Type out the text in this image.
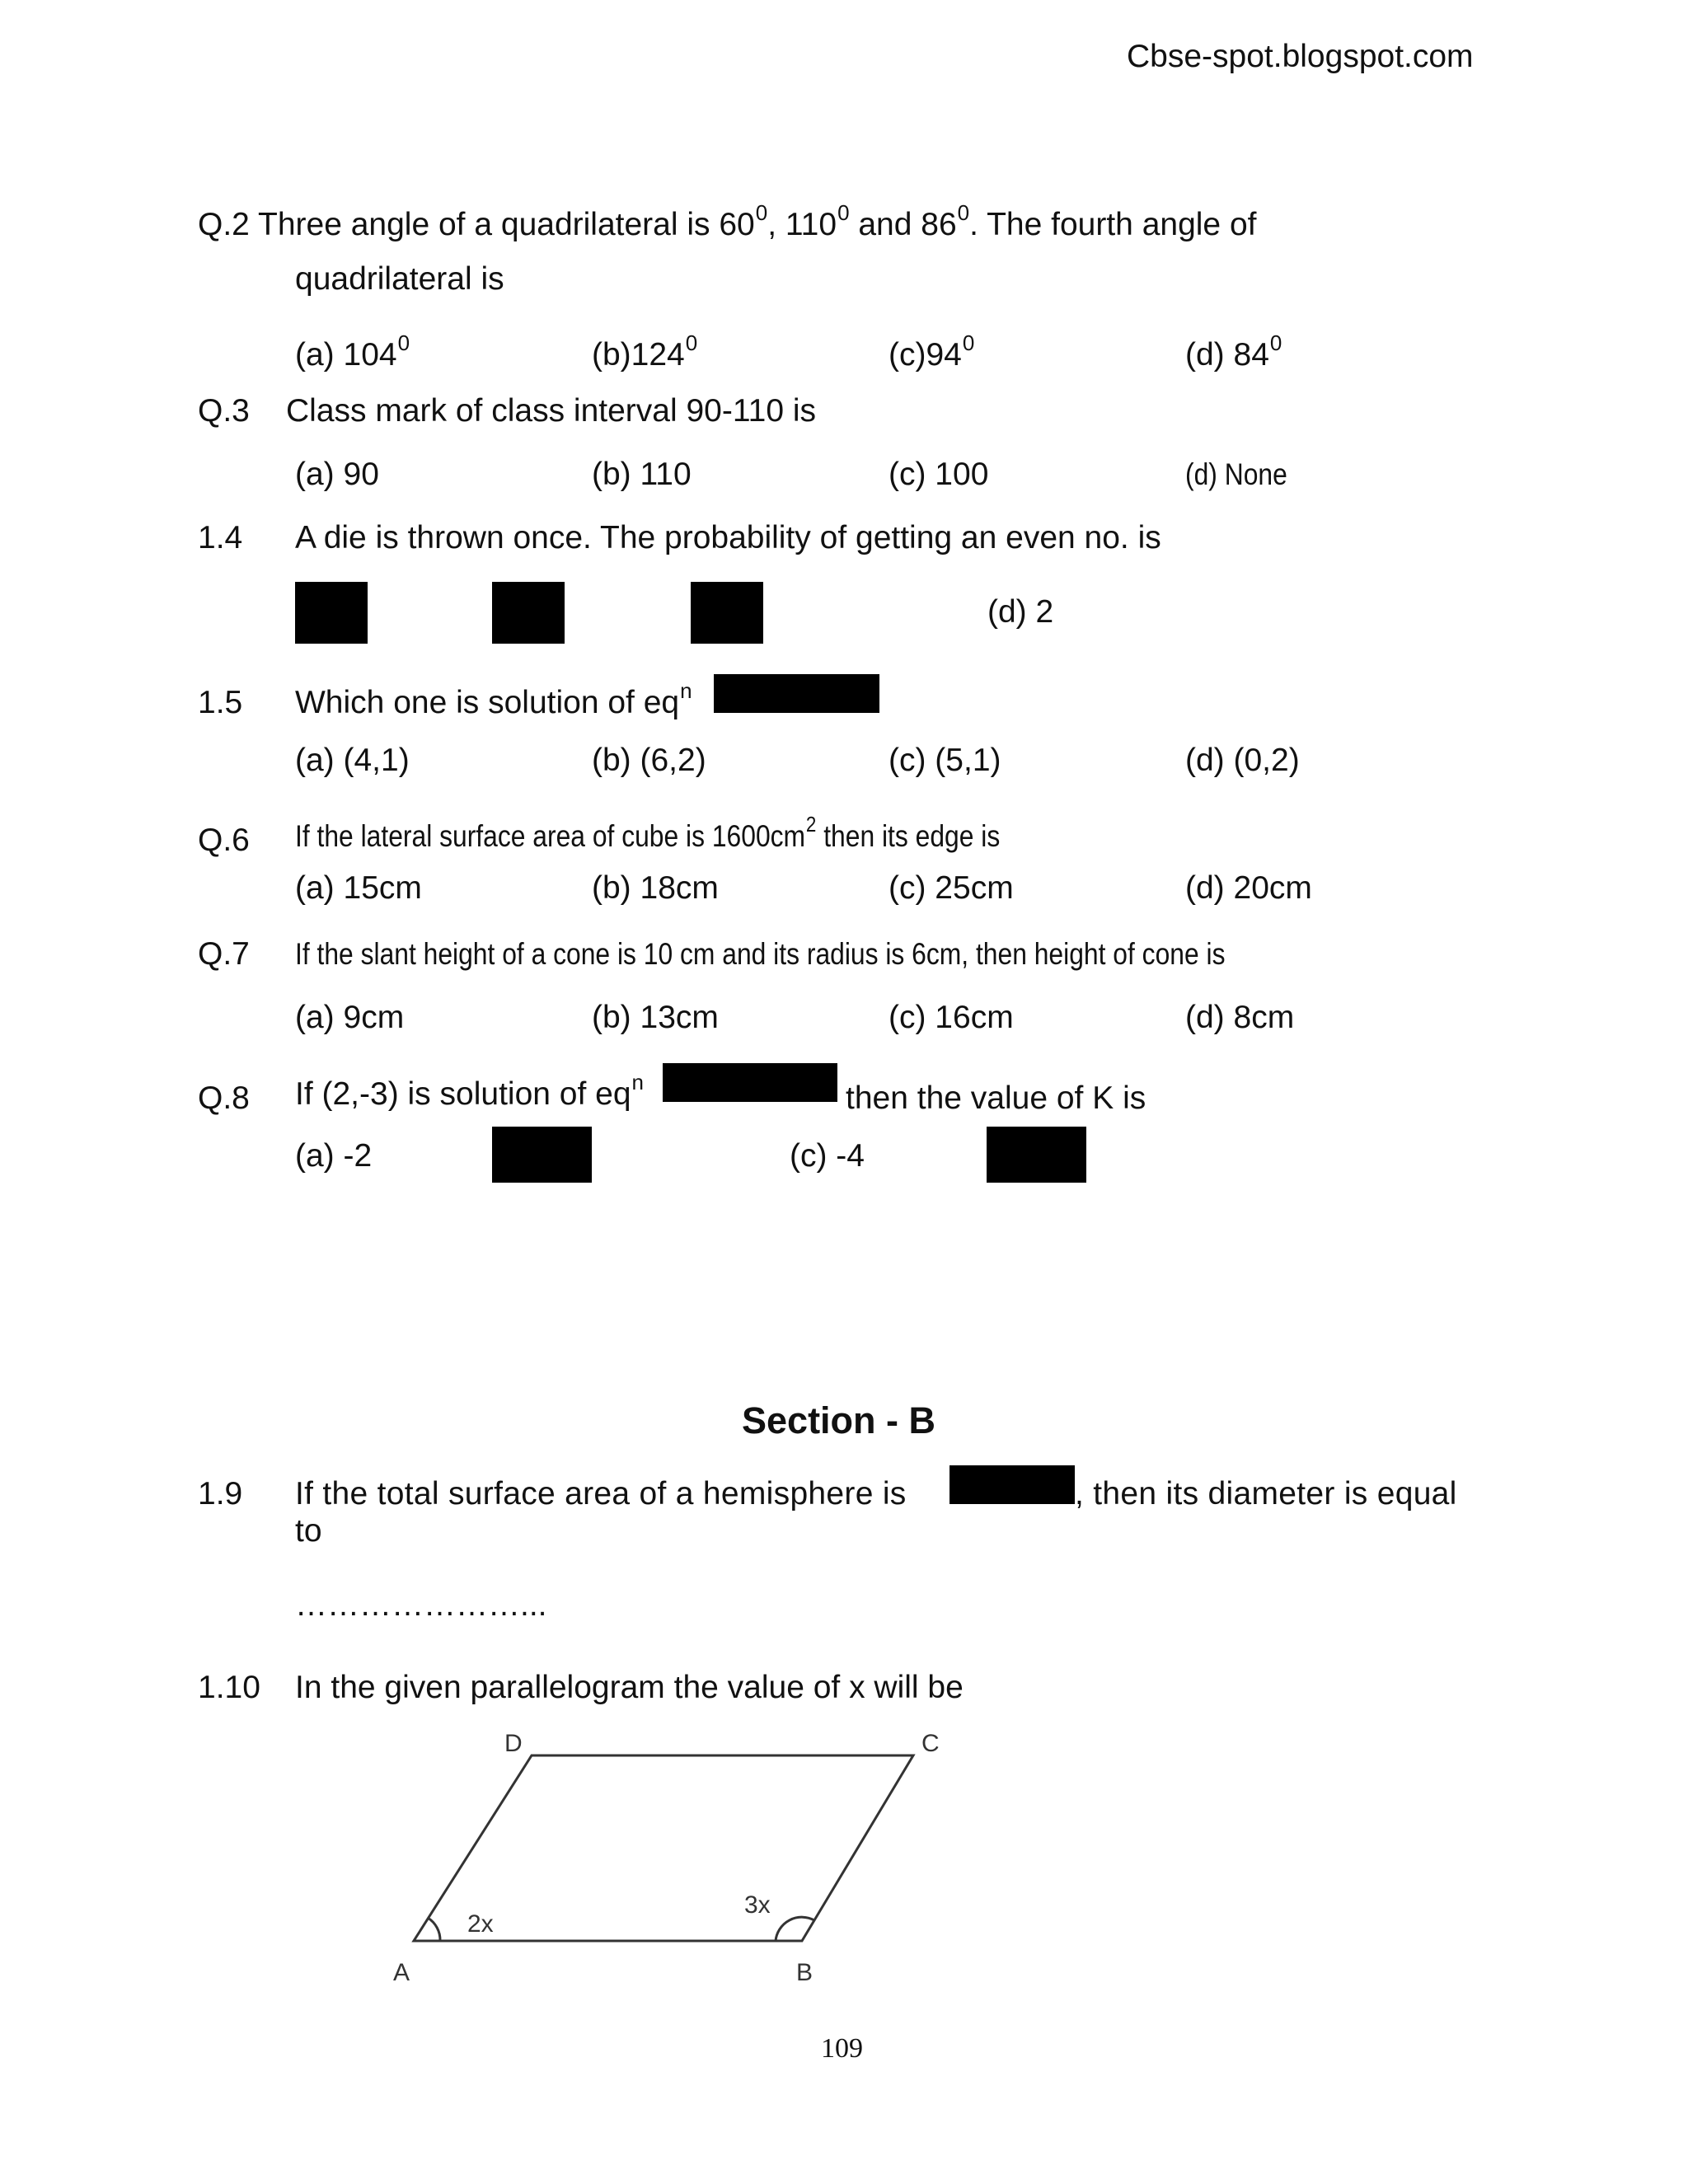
Cbse-spot.blogspot.com
Q.2 Three angle of a quadrilateral is $60^0$, $110^0$ and $86^0$. The fourth angle of
quadrilateral is
(a) $104^0$	$(b)124^0$	$(c)94^0$	(d) $84^0$
Q.3 Class mark of class interval 90-110 is
(a) 90	(b) 110	(c) 100	(d) None
1.4 A die is thrown once. The probability of getting an even no. is
(d) 2
1.5 Which one is solution of $eq^n$
(a) (4,1)	(b) (6,2)	(c) (5,1)	(d) (0,2)
Q.6 If the lateral surface area of cube is $1600cm^2$ then its edge is
(a) 15cm	(b) 18cm	(c) 25cm	(d) 20cm
Q.7 If the slant height of a cone is 10 cm and its radius is 6cm, then height of cone is
(a) 9cm	(b) 13cm	(c) 16cm	(d) 8cm
Q.8 If (2,-3) is solution of $eq^n$	then the value of K is
(a) -2	(c) -4
Section - B
1.9 If the total surface area of a hemisphere is	, then its diameter is equal
to
…………………...
1.10 In the given parallelogram the value of x will be
A	B
C
D
2x
3x
109
